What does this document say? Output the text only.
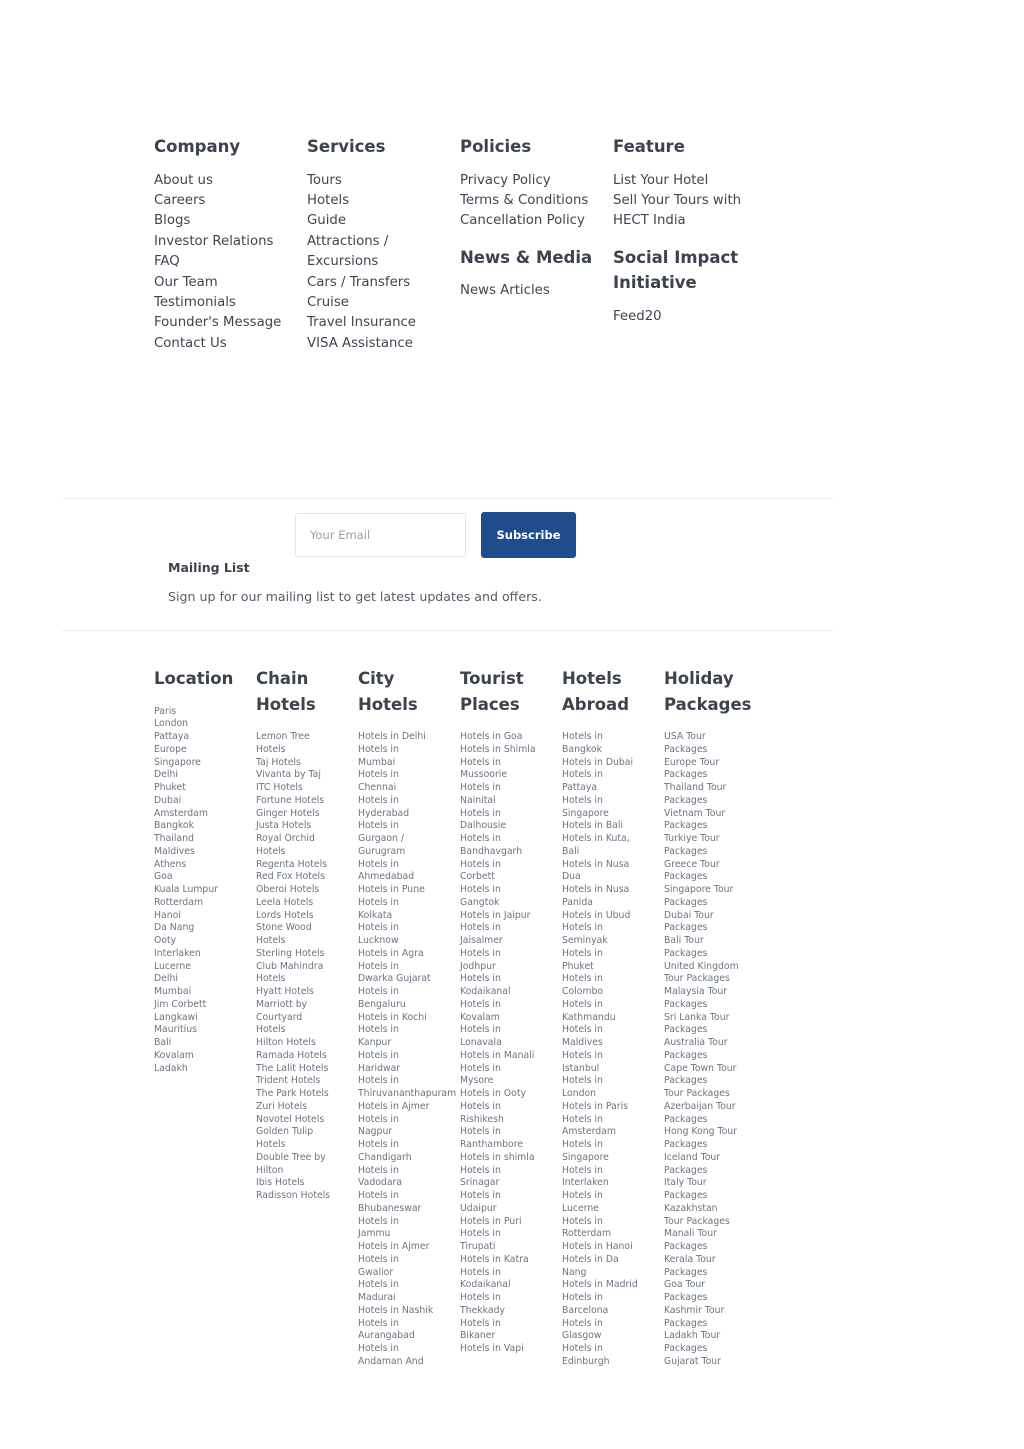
Company
About us
Careers
Blogs
Investor Relations
FAQ
Our Team
Testimonials
Founder's Message
Contact Us
Services
Tours
Hotels
Guide
Attractions /
Excursions
Cars / Transfers
Cruise
Travel Insurance
VISA Assistance
Policies
Privacy Policy
Terms & Conditions
Cancellation Policy
News & Media
News Articles
Feature
List Your Hotel
Sell Your Tours with
HECT India
Social Impact
Initiative
Feed20
Your Email
Subscribe
Mailing List
Sign up for our mailing list to get latest updates and offers.
Location
Paris
London
Pattaya
Europe
Singapore
Delhi
Phuket
Dubai
Amsterdam
Bangkok
Thailand
Maldives
Athens
Goa
Kuala Lumpur
Rotterdam
Hanoi
Da Nang
Ooty
Interlaken
Lucerne
Delhi
Mumbai
Jim Corbett
Langkawi
Mauritius
Bali
Kovalam
Ladakh
Chain
Hotels
Lemon Tree
Hotels
Taj Hotels
Vivanta by Taj
ITC Hotels
Fortune Hotels
Ginger Hotels
Justa Hotels
Royal Orchid
Hotels
Regenta Hotels
Red Fox Hotels
Oberoi Hotels
Leela Hotels
Lords Hotels
Stone Wood
Hotels
Sterling Hotels
Club Mahindra
Hotels
Hyatt Hotels
Marriott by
Courtyard
Hotels
Hilton Hotels
Ramada Hotels
The Lalit Hotels
Trident Hotels
The Park Hotels
Zuri Hotels
Novotel Hotels
Golden Tulip
Hotels
Double Tree by
Hilton
Ibis Hotels
Radisson Hotels
City
Hotels
Hotels in Delhi
Hotels in
Mumbai
Hotels in
Chennai
Hotels in
Hyderabad
Hotels in
Gurgaon /
Gurugram
Hotels in
Ahmedabad
Hotels in Pune
Hotels in
Kolkata
Hotels in
Lucknow
Hotels in Agra
Hotels in
Dwarka Gujarat
Hotels in
Bengaluru
Hotels in Kochi
Hotels in
Kanpur
Hotels in
Haridwar
Hotels in
Thiruvananthapuram
Hotels in Ajmer
Hotels in
Nagpur
Hotels in
Chandigarh
Hotels in
Vadodara
Hotels in
Bhubaneswar
Hotels in
Jammu
Hotels in Ajmer
Hotels in
Gwalior
Hotels in
Madurai
Hotels in Nashik
Hotels in
Aurangabad
Hotels in
Andaman And
Tourist
Places
Hotels in Goa
Hotels in Shimla
Hotels in
Mussoorie
Hotels in
Nainital
Hotels in
Dalhousie
Hotels in
Bandhavgarh
Hotels in
Corbett
Hotels in
Gangtok
Hotels in Jaipur
Hotels in
Jaisalmer
Hotels in
Jodhpur
Hotels in
Kodaikanal
Hotels in
Kovalam
Hotels in
Lonavala
Hotels in Manali
Hotels in
Mysore
Hotels in Ooty
Hotels in
Rishikesh
Hotels in
Ranthambore
Hotels in shimla
Hotels in
Srinagar
Hotels in
Udaipur
Hotels in Puri
Hotels in
Tirupati
Hotels in Katra
Hotels in
Kodaikanal
Hotels in
Thekkady
Hotels in
Bikaner
Hotels in Vapi
Hotels
Abroad
Hotels in
Bangkok
Hotels in Dubai
Hotels in
Pattaya
Hotels in
Singapore
Hotels in Bali
Hotels in Kuta,
Bali
Hotels in Nusa
Dua
Hotels in Nusa
Panida
Hotels in Ubud
Hotels in
Seminyak
Hotels in
Phuket
Hotels in
Colombo
Hotels in
Kathmandu
Hotels in
Maldives
Hotels in
Istanbul
Hotels in
London
Hotels in Paris
Hotels in
Amsterdam
Hotels in
Singapore
Hotels in
Interlaken
Hotels in
Lucerne
Hotels in
Rotterdam
Hotels in Hanoi
Hotels in Da
Nang
Hotels in Madrid
Hotels in
Barcelona
Hotels in
Glasgow
Hotels in
Edinburgh
Holiday
Packages
USA Tour
Packages
Europe Tour
Packages
Thailand Tour
Packages
Vietnam Tour
Packages
Turkiye Tour
Packages
Greece Tour
Packages
Singapore Tour
Packages
Dubai Tour
Packages
Bali Tour
Packages
United Kingdom
Tour Packages
Malaysia Tour
Packages
Sri Lanka Tour
Packages
Australia Tour
Packages
Cape Town Tour
Packages
Tour Packages
Azerbaijan Tour
Packages
Hong Kong Tour
Packages
Iceland Tour
Packages
Italy Tour
Packages
Kazakhstan
Tour Packages
Manali Tour
Packages
Kerala Tour
Packages
Goa Tour
Packages
Kashmir Tour
Packages
Ladakh Tour
Packages
Gujarat Tour
